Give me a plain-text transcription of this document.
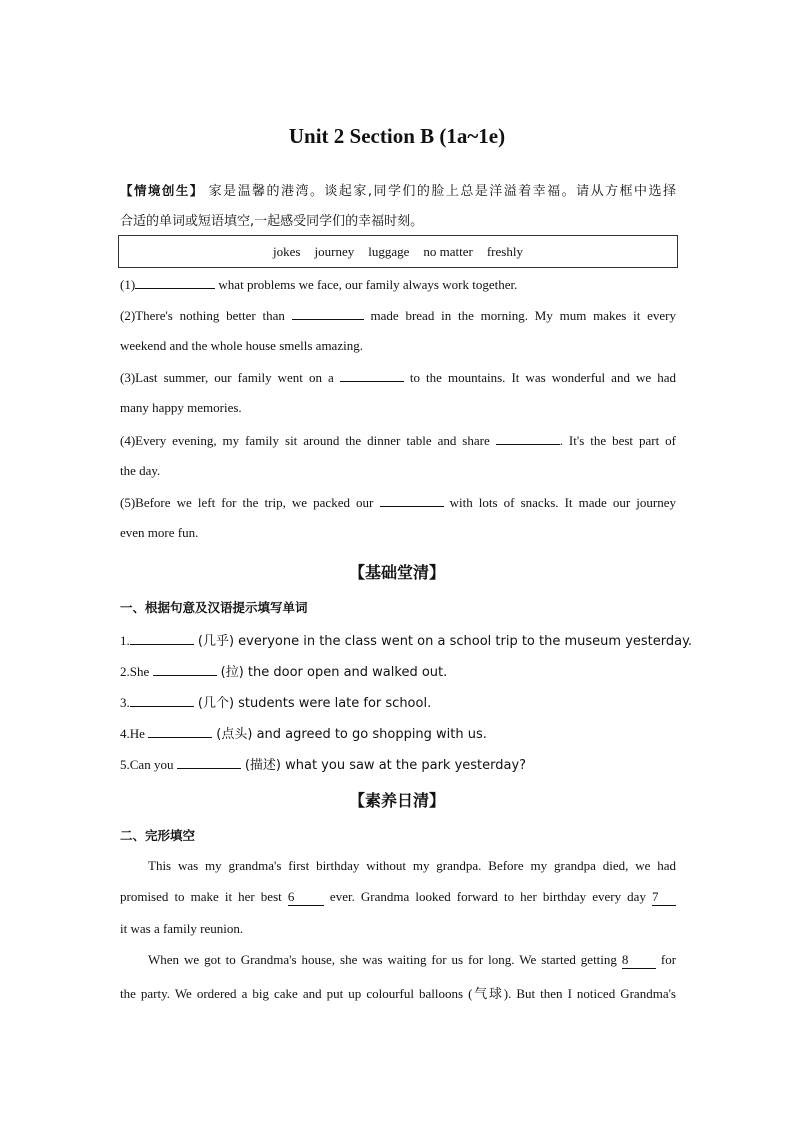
Unit 2 Section B (1a~1e)
【情境创生】 家是温馨的港湾。谈起家,同学们的脸上总是洋溢着幸福。请从方框中选择
合适的单词或短语填空,一起感受同学们的幸福时刻。
jokes journey luggage no matter freshly
(1)	what problems we face, our family always work together.
(2)There's nothing better than	made bread in the morning. My mum makes it every
weekend and the whole house smells amazing.
(3)Last summer, our family went on a	to the mountains. It was wonderful and we had
many happy memories.
(4)Every evening, my family sit around the dinner table and share	. It's the best part of
the day.
(5)Before we left for the trip, we packed our	with lots of snacks. It made our journey
even more fun.
【基础堂清】
一、根据句意及汉语提示填写单词
1.	(几乎) everyone in the class went on a school trip to the museum yesterday.
2.She	(拉) the door open and walked out.
3.	(几个) students were late for school.
4.He	(点头) and agreed to go shopping with us.
5.Can you	(描述) what you saw at the park yesterday?
【素养日清】
二、完形填空
This was my grandma's first birthday without my grandpa. Before my grandpa died, we had
promised to make it her best 6	ever. Grandma looked forward to her birthday every day 7
it was a family reunion.
When we got to Grandma's house, she was waiting for us for long. We started getting 8 for
the party. We ordered a big cake and put up colourful balloons (气球). But then I noticed Grandma's
